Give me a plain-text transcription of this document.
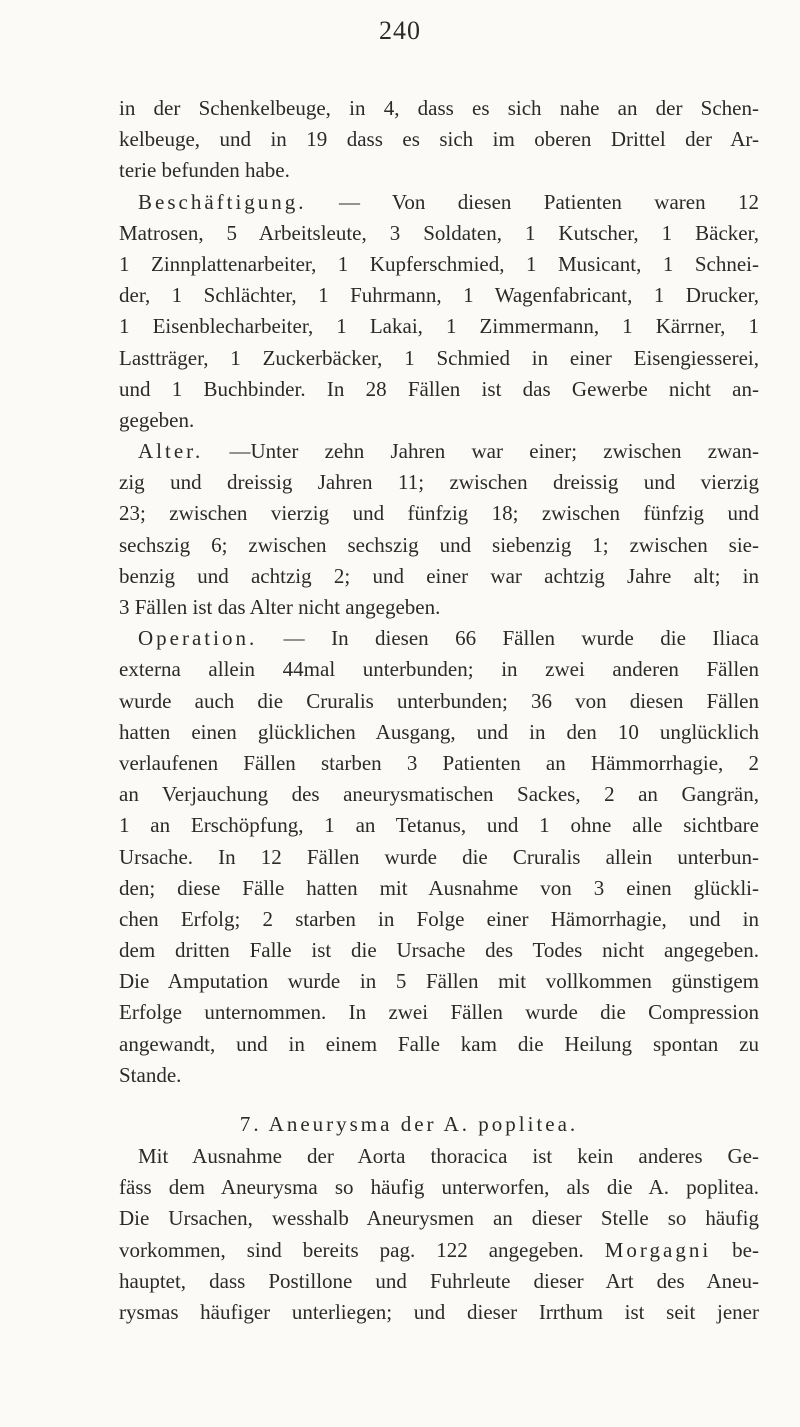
240
in der Schenkelbeuge, in 4, dass es sich nahe an der Schen-
kelbeuge, und in 19 dass es sich im oberen Drittel der Ar-
terie befunden habe.
Beschäftigung. — Von diesen Patienten waren 12
Matrosen, 5 Arbeitsleute, 3 Soldaten, 1 Kutscher, 1 Bäcker,
1 Zinnplattenarbeiter, 1 Kupferschmied, 1 Musicant, 1 Schnei-
der, 1 Schlächter, 1 Fuhrmann, 1 Wagenfabricant, 1 Drucker,
1 Eisenblecharbeiter, 1 Lakai, 1 Zimmermann, 1 Kärrner, 1
Lastträger, 1 Zuckerbäcker, 1 Schmied in einer Eisengiesserei,
und 1 Buchbinder. In 28 Fällen ist das Gewerbe nicht an-
gegeben.
Alter. —Unter zehn Jahren war einer; zwischen zwan-
zig und dreissig Jahren 11; zwischen dreissig und vierzig
23; zwischen vierzig und fünfzig 18; zwischen fünfzig und
sechszig 6; zwischen sechszig und siebenzig 1; zwischen sie-
benzig und achtzig 2; und einer war achtzig Jahre alt; in
3 Fällen ist das Alter nicht angegeben.
Operation. — In diesen 66 Fällen wurde die Iliaca
externa allein 44mal unterbunden; in zwei anderen Fällen
wurde auch die Cruralis unterbunden; 36 von diesen Fällen
hatten einen glücklichen Ausgang, und in den 10 unglücklich
verlaufenen Fällen starben 3 Patienten an Hämmorrhagie, 2
an Verjauchung des aneurysmatischen Sackes, 2 an Gangrän,
1 an Erschöpfung, 1 an Tetanus, und 1 ohne alle sichtbare
Ursache. In 12 Fällen wurde die Cruralis allein unterbun-
den; diese Fälle hatten mit Ausnahme von 3 einen glückli-
chen Erfolg; 2 starben in Folge einer Hämorrhagie, und in
dem dritten Falle ist die Ursache des Todes nicht angegeben.
Die Amputation wurde in 5 Fällen mit vollkommen günstigem
Erfolge unternommen. In zwei Fällen wurde die Compression
angewandt, und in einem Falle kam die Heilung spontan zu
Stande.
7. Aneurysma der A. poplitea.
Mit Ausnahme der Aorta thoracica ist kein anderes Ge-
fäss dem Aneurysma so häufig unterworfen, als die A. poplitea.
Die Ursachen, wesshalb Aneurysmen an dieser Stelle so häufig
vorkommen, sind bereits pag. 122 angegeben. Morgagni be-
hauptet, dass Postillone und Fuhrleute dieser Art des Aneu-
rysmas häufiger unterliegen; und dieser Irrthum ist seit jener
